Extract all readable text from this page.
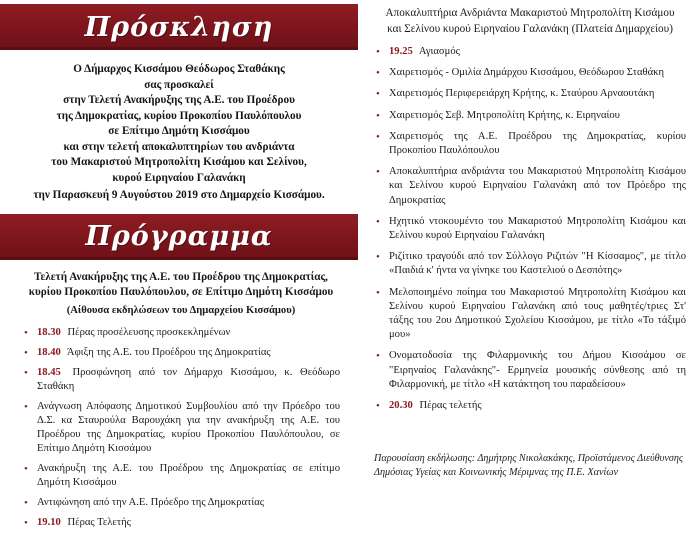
Πρόσκληση

Ο Δήμαρχος Κισσάμου Θεόδωρος Σταθάκης

σας προσκαλεί

στην Τελετή Ανακήρυξης της Α.Ε. του Προέδρου

της Δημοκρατίας, κυρίου Προκοπίου Παυλόπουλου

σε Επίτιμο Δημότη Κισσάμου

και στην τελετή αποκαλυπτηρίων του ανδριάντα

του Μακαριστού Μητροπολίτη Κισάμου και Σελίνου,

κυρού Ειρηναίου Γαλανάκη

την Παρασκευή 9 Αυγούστου 2019 στο Δημαρχείο Κισσάμου.

Πρόγραμμα
Τελετή Ανακήρυξης της Α.Ε. του Προέδρου της Δημοκρατίας, κυρίου Προκοπίου Παυλόπουλου, σε Επίτιμο Δημότη Κισσάμου
(Αίθουσα εκδηλώσεων του Δημαρχείου Κισσάμου)
• 18.30 Πέρας προσέλευσης προσκεκλημένων
• 18.40 Άφιξη της Α.Ε. του Προέδρου της Δημοκρατίας
• 18.45 Προσφώνηση από τον Δήμαρχο Κισσάμου, κ. Θεόδωρο Σταθάκη
• Ανάγνωση Απόφασης Δημοτικού Συμβουλίου από την Πρόεδρο του Δ.Σ. κα Σταυρούλα Βαρουχάκη για την ανακήρυξη της Α.Ε. του Προέδρου της Δημοκρατίας, κυρίου Προκοπίου Παυλόπουλου, σε Επίτιμο Δημότη Κισσάμου
• Ανακήρυξη της Α.Ε. του Προέδρου της Δημοκρατίας σε επίτιμο Δημότη Κισσάμου
• Αντιφώνηση από την Α.Ε. Πρόεδρο της Δημοκρατίας
• 19.10 Πέρας Τελετής
Αποκαλυπτήρια Ανδριάντα Μακαριστού Μητροπολίτη Κισάμου και Σελίνου κυρού Ειρηναίου Γαλανάκη (Πλατεία Δημαρχείου)
• 19.25 Αγιασμός
• Χαιρετισμός - Ομιλία Δημάρχου Κισσάμου, Θεόδωρου Σταθάκη
• Χαιρετισμός Περιφερειάρχη Κρήτης, κ. Σταύρου Αρναουτάκη
• Χαιρετισμός Σεβ. Μητροπολίτη Κρήτης, κ. Ειρηναίου
• Χαιρετισμός της Α.Ε. Προέδρου της Δημοκρατίας, κυρίου Προκοπίου Παυλόπουλου
• Αποκαλυπτήρια ανδριάντα του Μακαριστού Μητροπολίτη Κισάμου και Σελίνου κυρού Ειρηναίου Γαλανάκη από τον Πρόεδρο της Δημοκρατίας
• Ηχητικό ντοκουμέντο του Μακαριστού Μητροπολίτη Κισάμου και Σελίνου κυρού Ειρηναίου Γαλανάκη
• Ριζίτικο τραγούδι από τον Σύλλογο Ριζιτών "Η Κίσσαμος", με τίτλο «Παιδιά κ' ήντα να γίνηκε του Καστελιού ο Δεσπότης»
• Μελοποιημένο ποίημα του Μακαριστού Μητροπολίτη Κισάμου και Σελίνου κυρού Ειρηναίου Γαλανάκη από τους μαθητές/τριες Στ' τάξης του 2ου Δημοτικού Σχολείου Κισσάμου, με τίτλο «Το τάξιμό μου»
• Ονοματοδοσία της Φιλαρμονικής του Δήμου Κισσάμου σε "Ειρηναίος Γαλανάκης"- Ερμηνεία μουσικής σύνθεσης από τη Φιλαρμονική, με τίτλο «Η κατάκτηση του παραδείσου»
• 20.30 Πέρας τελετής
Παρουσίαση εκδήλωσης: Δημήτρης Νικολακάκης, Προϊστάμενος Διεύθυνσης Δημόσιας Υγείας και Κοινωνικής Μέριμνας της Π.Ε. Χανίων
